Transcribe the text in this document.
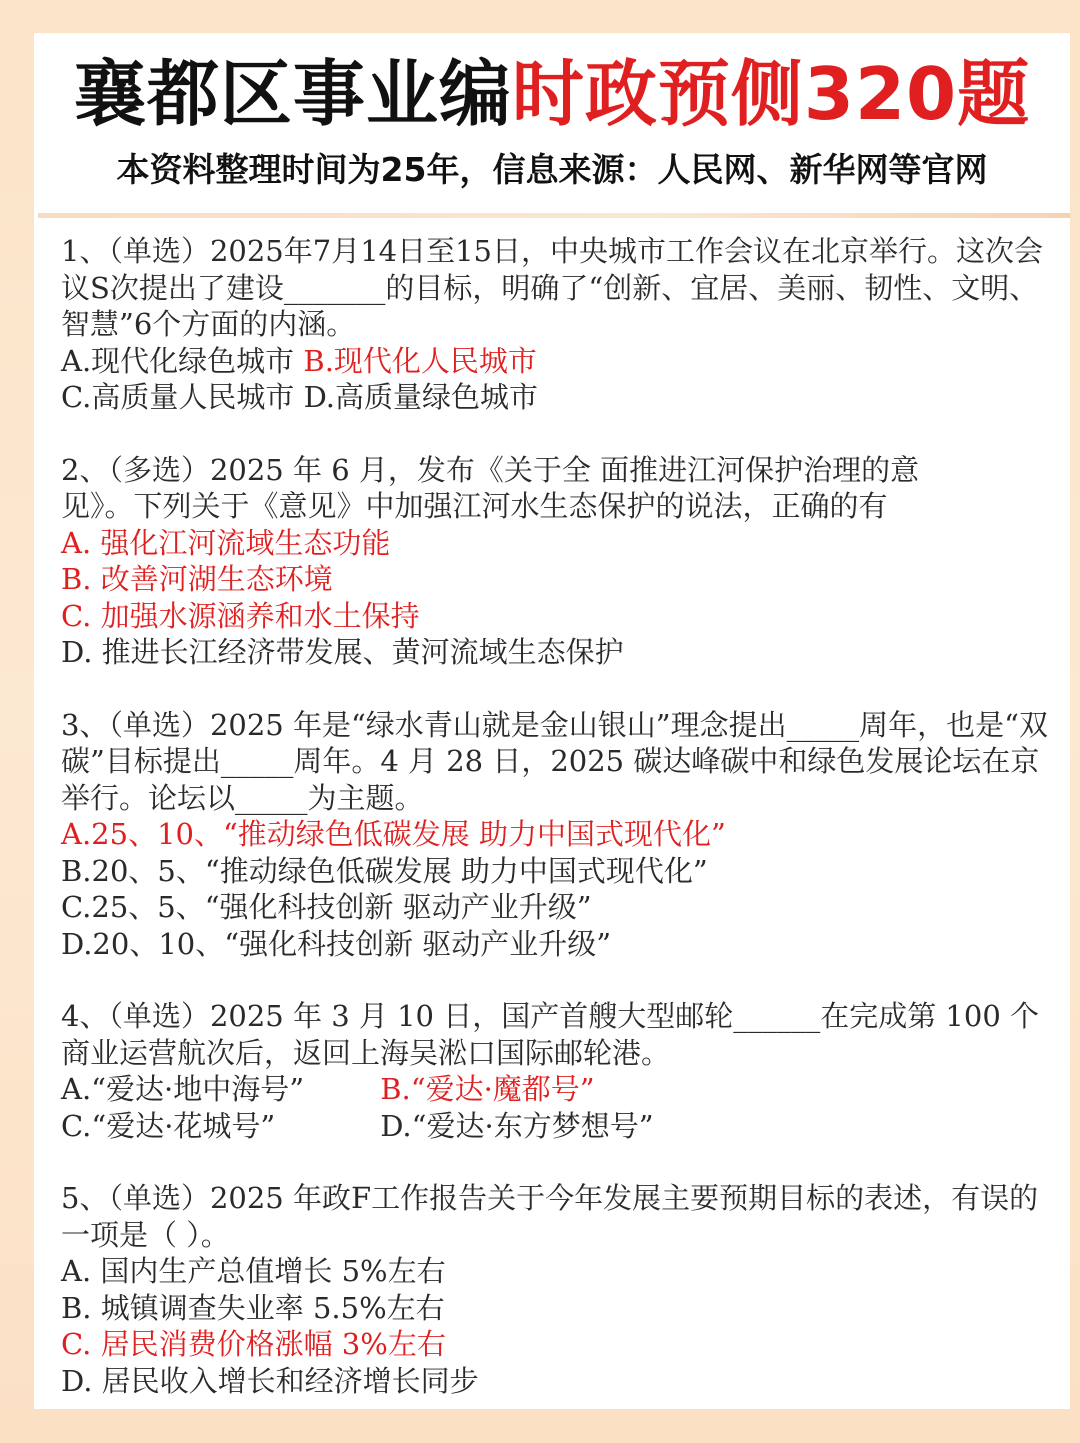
襄都区事业编时政预侧320题
本资料整理时间为25年，信息来源：人民网、新华网等官网
1、（单选）2025年7月14日至15日，中央城市工作会议在北京举行。这次会议S次提出了建设_______的目标，明确了“创新、宜居、美丽、韧性、文明、智慧”6个方面的内涵。
A.现代化绿色城市 B.现代化人民城市
C.高质量人民城市 D.高质量绿色城市
2、（多选）2025 年 6 月，发布《关于全 面推进江河保护治理的意
见》。下列关于《意见》中加强江河水生态保护的说法，正确的有
A. 强化江河流域生态功能
B. 改善河湖生态环境
C. 加强水源涵养和水土保持
D. 推进长江经济带发展、黄河流域生态保护
3、（单选）2025 年是“绿水青山就是金山银山”理念提出_____周年，也是“双碳”目标提出_____周年。4 月 28 日，2025 碳达峰碳中和绿色发展论坛在京举行。论坛以_____为主题。
A.25、10、“推动绿色低碳发展 助力中国式现代化”
B.20、5、“推动绿色低碳发展 助力中国式现代化”
C.25、5、“强化科技创新 驱动产业升级”
D.20、10、“强化科技创新 驱动产业升级”
4、（单选）2025 年 3 月 10 日，国产首艘大型邮轮______在完成第 100 个商业运营航次后，返回上海吴淞口国际邮轮港。
A.“爱达·地中海号”	B.“爱达·魔都号”
C.“爱达·花城号”	D.“爱达·东方梦想号”
5、（单选）2025 年政F工作报告关于今年发展主要预期目标的表述，有误的一项是（ ）。
A. 国内生产总值增长 5%左右
B. 城镇调查失业率 5.5%左右
C. 居民消费价格涨幅 3%左右
D. 居民收入增长和经济增长同步
